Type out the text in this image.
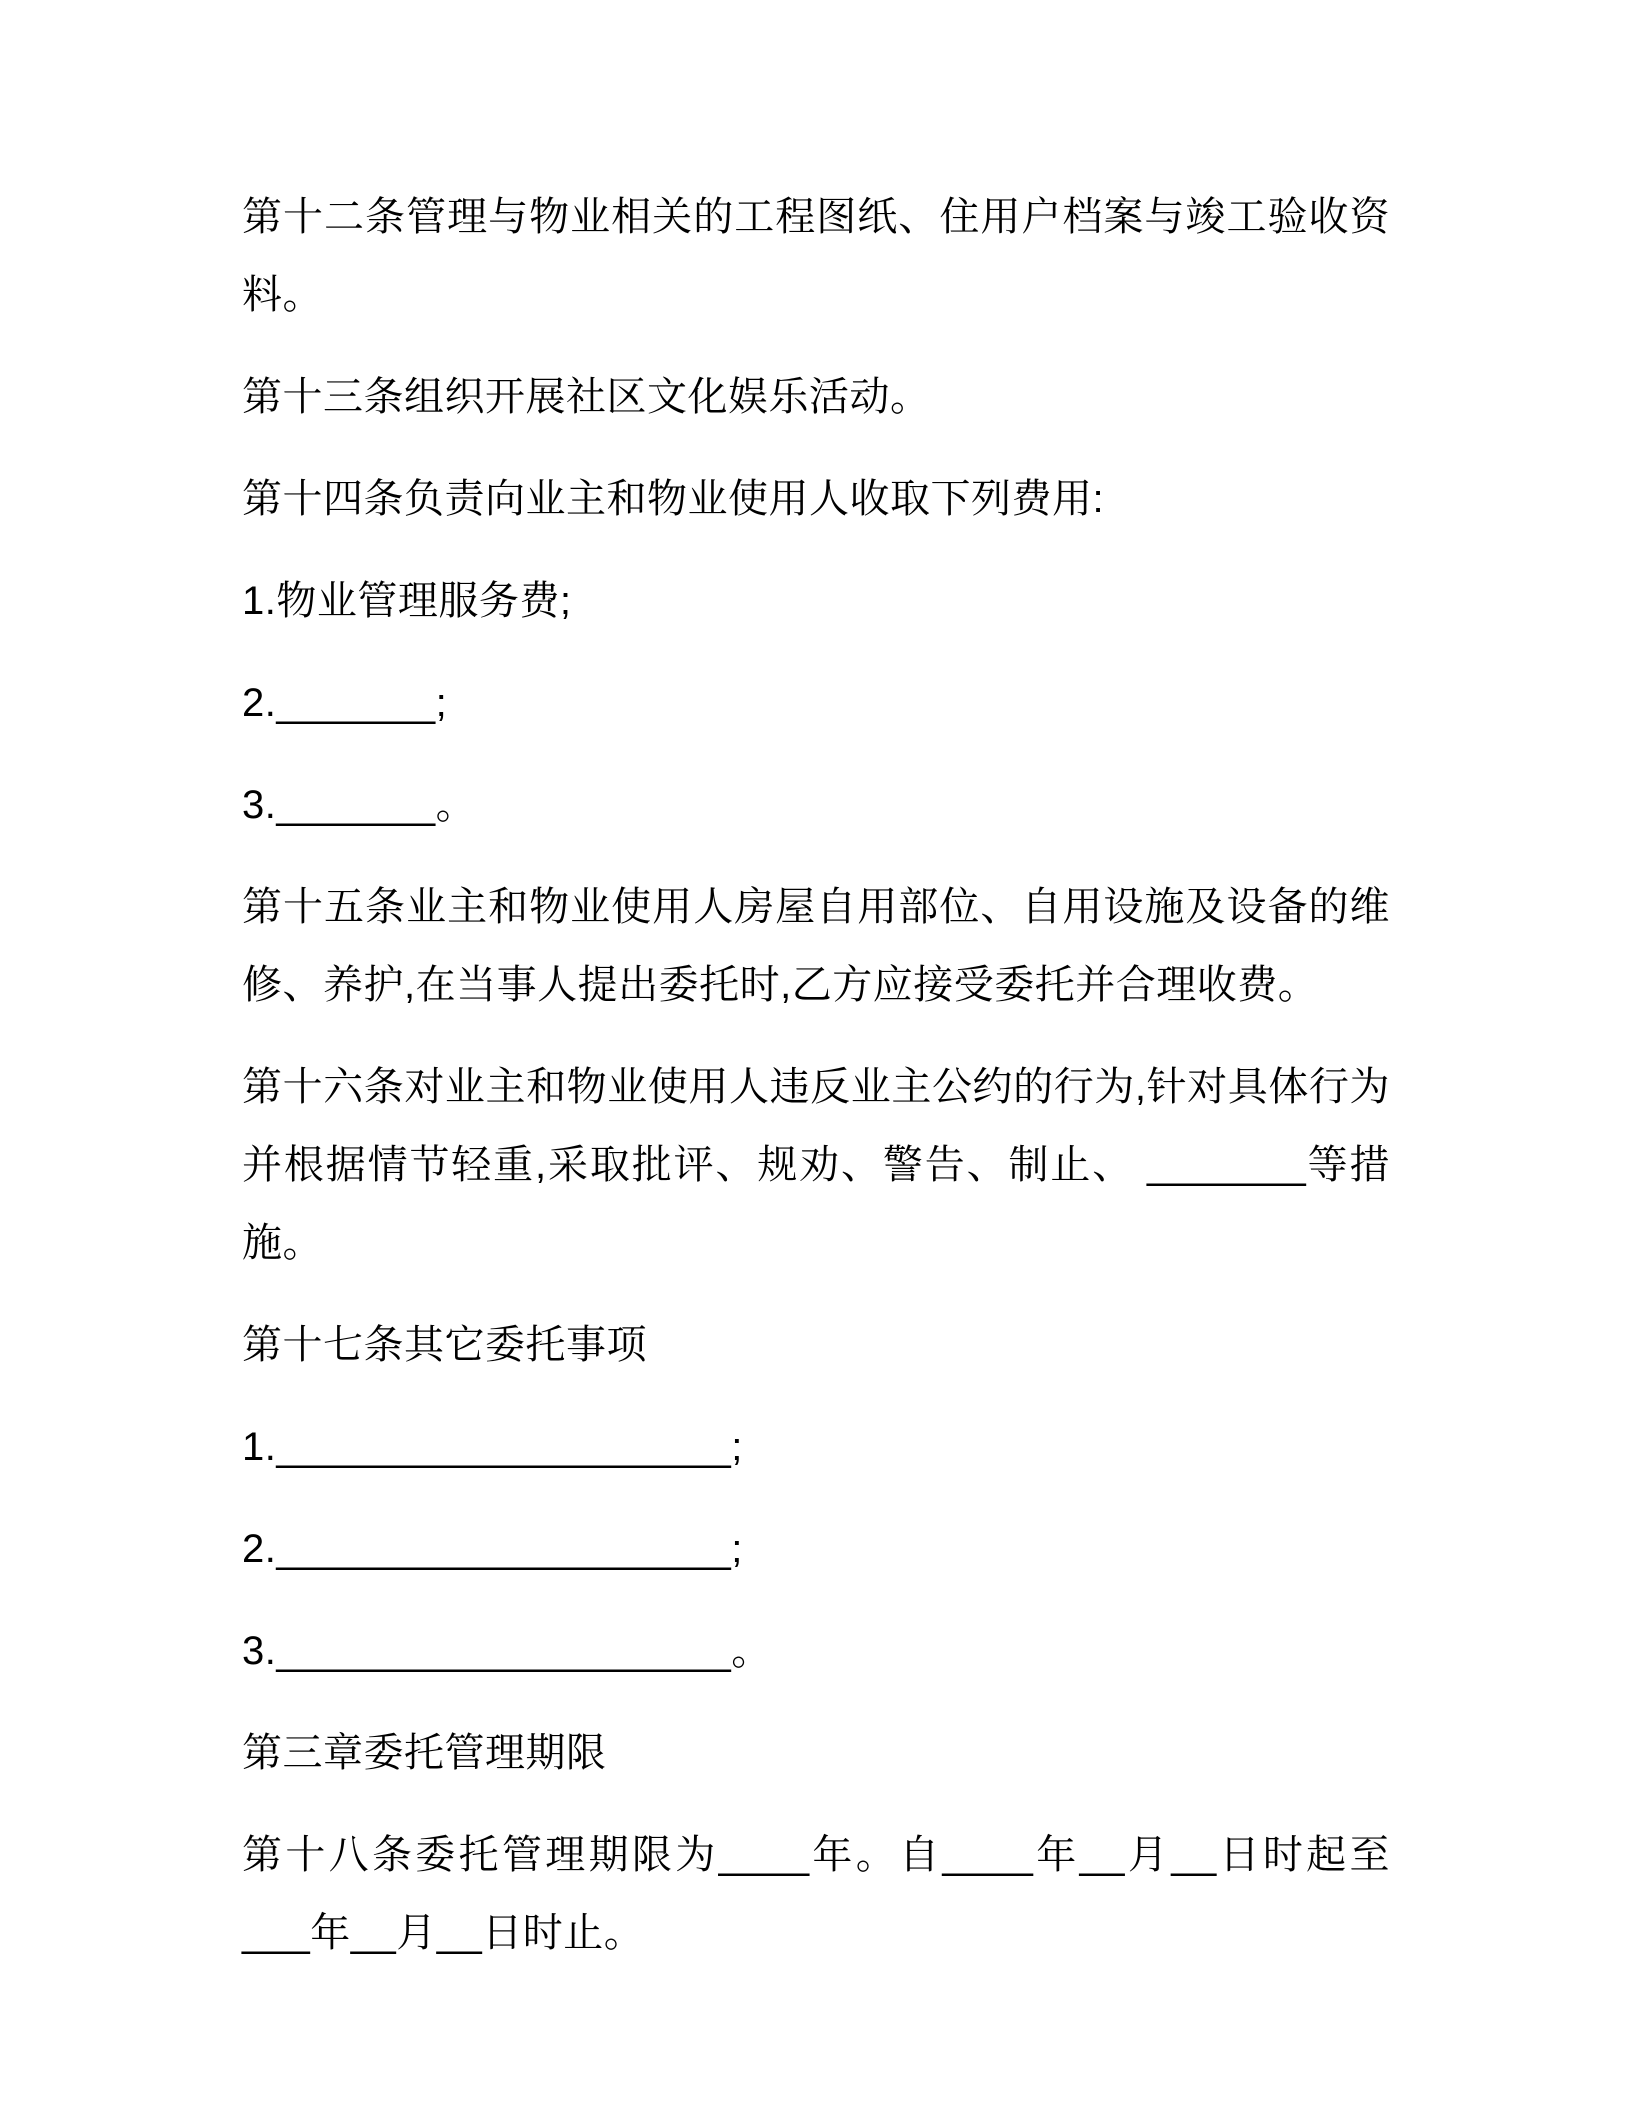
第十二条管理与物业相关的工程图纸、住用户档案与竣工验收资料。

第十三条组织开展社区文化娱乐活动。

第十四条负责向业主和物业使用人收取下列费用:

1.物业管理服务费;

2._______;

3._______。

第十五条业主和物业使用人房屋自用部位、自用设施及设备的维修、养护,在当事人提出委托时,乙方应接受委托并合理收费。

第十六条对业主和物业使用人违反业主公约的行为,针对具体行为并根据情节轻重,采取批评、规劝、警告、制止、 _______等措施。

第十七条其它委托事项

1.____________________;

2.____________________;

3.____________________。

第三章委托管理期限

第十八条委托管理期限为____年。自____年__月__日时起至___年__月__日时止。
